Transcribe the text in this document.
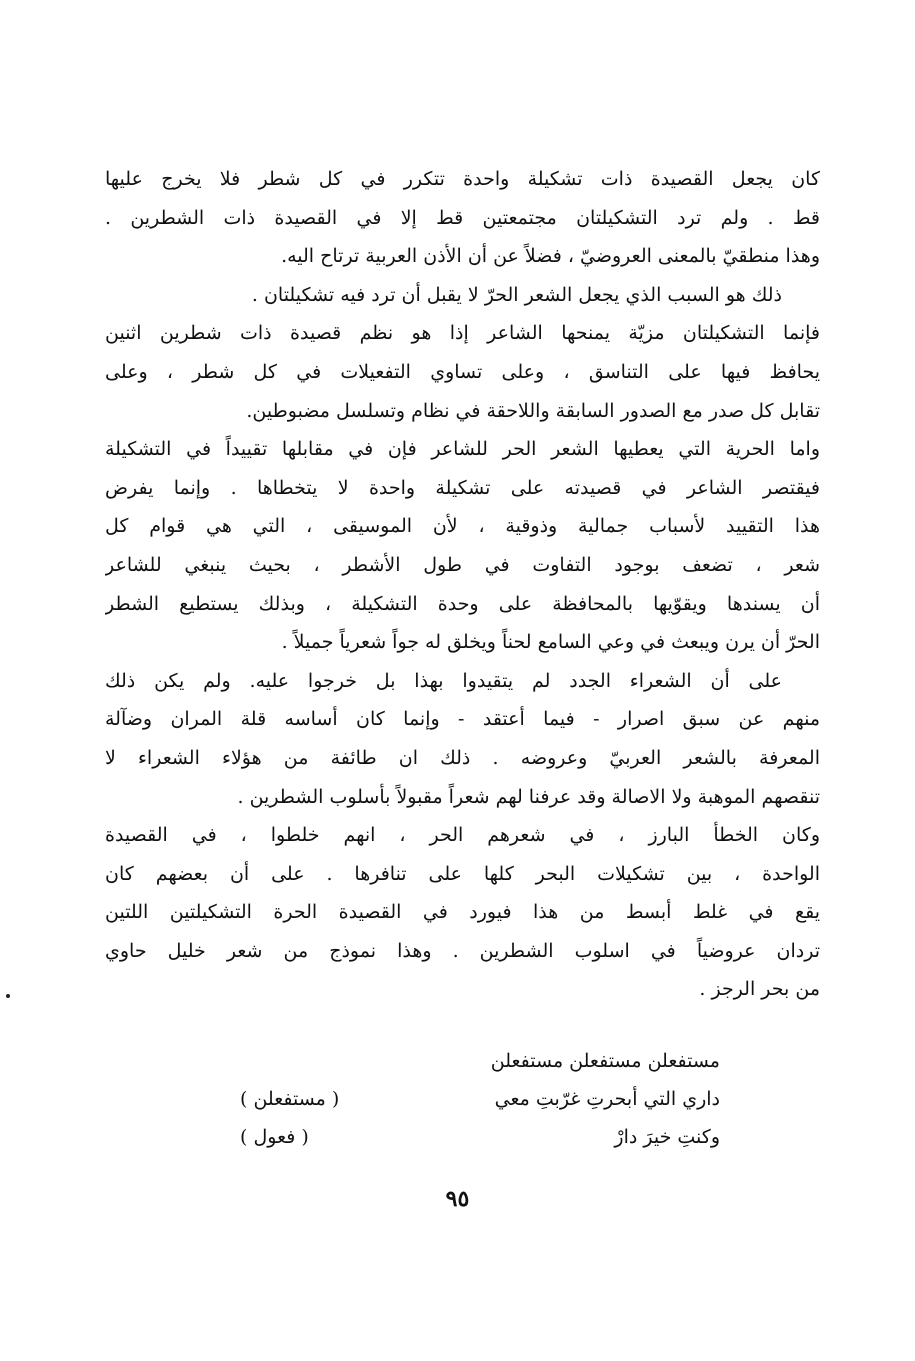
كان يجعل القصيدة ذات تشكيلة واحدة تتكرر في كل شطر فلا يخرج عليها
قط . ولم ترد التشكيلتان مجتمعتين قط إلا في القصيدة ذات الشطرين .
وهذا منطقيّ بالمعنى العروضيّ ، فضلاً عن أن الأذن العربية ترتاح اليه.
ذلك هو السبب الذي يجعل الشعر الحرّ لا يقبل أن ترد فيه تشكيلتان .
فإنما التشكيلتان مزيّة يمنحها الشاعر إذا هو نظم قصيدة ذات شطرين اثنين
يحافظ فيها على التناسق ، وعلى تساوي التفعيلات في كل شطر ، وعلى
تقابل كل صدر مع الصدور السابقة واللاحقة في نظام وتسلسل مضبوطين.
واما الحرية التي يعطيها الشعر الحر للشاعر فإن في مقابلها تقييداً في التشكيلة
فيقتصر الشاعر في قصيدته على تشكيلة واحدة لا يتخطاها . وإنما يفرض
هذا التقييد لأسباب جمالية وذوقية ، لأن الموسيقى ، التي هي قوام كل
شعر ، تضعف بوجود التفاوت في طول الأشطر ، بحيث ينبغي للشاعر
أن يسندها ويقوّيها بالمحافظة على وحدة التشكيلة ، وبذلك يستطيع الشطر
الحرّ أن يرن ويبعث في وعي السامع لحناً ويخلق له جواً شعرياً جميلاً .
على أن الشعراء الجدد لم يتقيدوا بهذا بل خرجوا عليه. ولم يكن ذلك
منهم عن سبق اصرار - فيما أعتقد - وإنما كان أساسه قلة المران وضآلة
المعرفة بالشعر العربيّ وعروضه . ذلك ان طائفة من هؤلاء الشعراء لا
تنقصهم الموهبة ولا الاصالة وقد عرفنا لهم شعراً مقبولاً بأسلوب الشطرين .
وكان الخطأ البارز ، في شعرهم الحر ، انهم خلطوا ، في القصيدة
الواحدة ، بين تشكيلات البحر كلها على تنافرها . على أن بعضهم كان
يقع في غلط أبسط من هذا فيورد في القصيدة الحرة التشكيلتين اللتين
تردان عروضياً في اسلوب الشطرين . وهذا نموذج من شعر خليل حاوي
من بحر الرجز .
مستفعلن مستفعلن مستفعلن
داري التي أبحرتِ غرّبتِ معي
( مستفعلن )
وكنتِ خيرَ دارْ
( فعول )
٩٥
